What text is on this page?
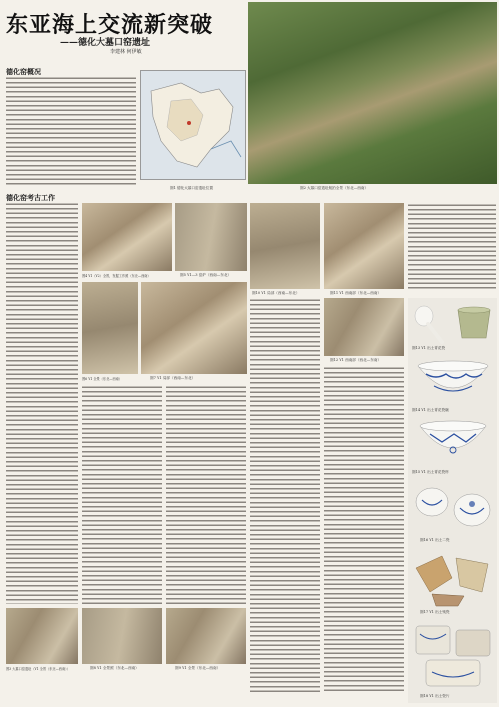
东亚海上交流新突破
——德化大墓口窑遗址
李建林 何伊敏
图2 大墓口窑遗址航拍全景（东北—西南）
德化窑概况
图1 德化大墓口窑遗址位置
德化窑考古工作
图3 大墓口窑遗址（Y1 全景（东北—西南））
图4 Y1（Y2）全景，发掘工作照（东北—西南）	图5 Y1—3 窑炉（西南—东北）
图6 Y1 全景（东北—西南）	图7 Y1 局部（西南—东北）
图8 Y1 全景照（东北—西南）	图9 Y1 全景（东北—西南）
图10 Y1 局部（西南—东北）	图11 Y1 西南部（东北—西南）
图12 Y1 西南部（西北—东南）
图13 Y1 出土青花瓷
图14 Y1 出土青花瓷碗
图15 Y1 出土青花瓷杯
图16 Y1 出土二瓷
图17 Y1 出土残瓷
图18 Y1 出土瓷片
